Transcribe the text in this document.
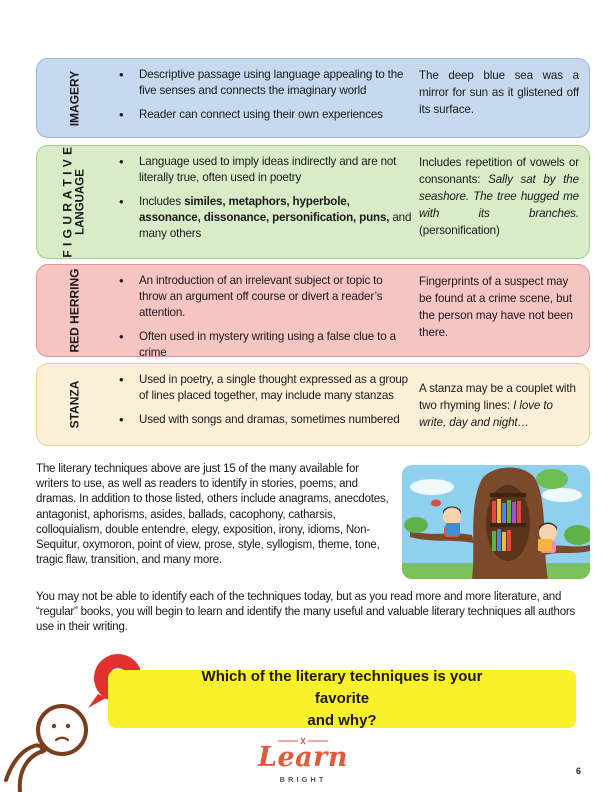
IMAGERY	• Descriptive passage using language appealing to the five senses and connects the imaginary world
• Reader can connect using their own experiences
The deep blue sea was a mirror for sun as it glistened off its surface.
F I G U R A T I V E LANGUAGE
• Language used to imply ideas indirectly and are not literally true, often used in poetry
• Includes similes, metaphors, hyperbole, assonance, dissonance, personification, puns, and many others
Includes repetition of vowels or consonants: Sally sat by the seashore. The tree hugged me with its branches. (personification)
RED HERRING	• An introduction of an irrelevant subject or topic to throw an argument off course or divert a reader’s attention.
• Often used in mystery writing using a false clue to a crime
Fingerprints of a suspect may be found at a crime scene, but the person may have not been there.
STANZA
• Used in poetry, a single thought expressed as a group of lines placed together, may include many stanzas
• Used with songs and dramas, sometimes numbered
A stanza may be a couplet with two rhyming lines: I love to write, day and night…

The literary techniques above are just 15 of the many available for writers to use, as well as readers to identify in stories, poems, and dramas. In addition to those listed, others include anagrams, anecdotes, antagonist, aphorisms, asides, ballads, cacophony, catharsis, colloquialism, double entendre, elegy, exposition, irony, idioms, Non-Sequitur, oxymoron, point of view, prose, style, syllogism, theme, tone, tragic flaw, transition, and many more.

You may not be able to identify each of the techniques today, but as you read more and more literature, and “regular” books, you will begin to learn and identify the many useful and valuable literary techniques all authors use in their writing.

Which of the literary techniques is your favorite
and why?
Learn
BRIGHT
6
